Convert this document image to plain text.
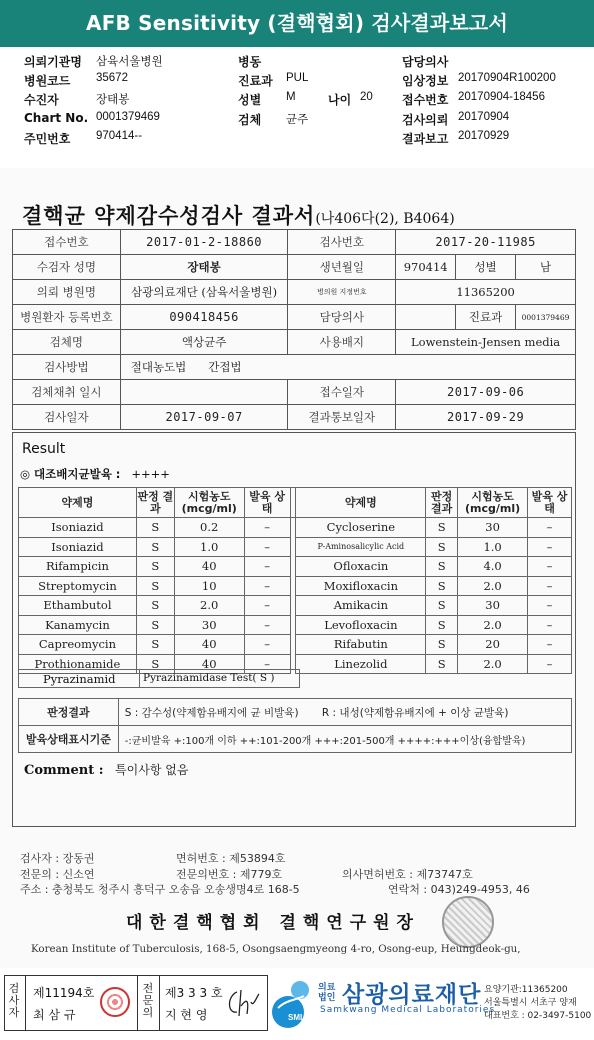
AFB Sensitivity (결핵협회) 검사결과보고서
의뢰기관명 삼육서울병원	병동	담당의사
병원코드 35672	진료과 PUL	임상정보 20170904R100200
수진자	장태봉	성별 M	나이 20 접수번호 20170904-18456
Chart No. 0001379469	검체 균주	검사의뢰 20170904
주민번호 970414--	결과보고 20170929
결핵균 약제감수성검사 결과서(나406다(2), B4064)
접수번호	2017-01-2-18860	검사번호	2017-20-11985		
수검자 성명	장태봉	생년월일	970414	성별	남
의뢰 병원명	삼광의료재단 (삼육서울병원)	병의원 지정번호	11365200		
병원환자 등록번호	090418456	담당의사		진료과	0001379469
검체명	액상균주	사용배지	Lowenstein-Jensen media		
검사방법	절대농도법 간접법				
검체채취 일시		접수일자	2017-09-06		
검사일자	2017-09-07	결과통보일자	2017-09-29		
Result
◎ 대조배지균발육 : ++++
약제명	판정 결과	시험농도 (mcg/ml)	발육 상태		약제명	판정 결과	시험농도 (mcg/ml)	발육 상태
Isoniazid	S	0.2	–		Cycloserine	S	30	–
Isoniazid	S	1.0	–		P-Aminosalicylic Acid	S	1.0	–
Rifampicin	S	40	–		Ofloxacin	S	4.0	–
Streptomycin	S	10	–		Moxifloxacin	S	2.0	–
Ethambutol	S	2.0	–		Amikacin	S	30	–
Kanamycin	S	30	–		Levofloxacin	S	2.0	–
Capreomycin	S	40	–		Rifabutin	S	20	–
Prothionamide	S	40	–		Linezolid	S	2.0	–
Pyrazinamid	Pyrazinamidase Test( S )
판정결과	S : 감수성(약제함유배지에 균 비발육) R : 내성(약제함유배지에 + 이상 균발육)
발육상태표시기준	-:균비발육 +:100개 이하 ++:101-200개 +++:201-500개 ++++:+++이상(융합발육)
Comment : 특이사항 없음
검사자 : 장동권	면허번호 : 제53894호
전문의 : 신소연	전문의번호 : 제779호	의사면허번호 : 제73747호
주소 : 충청북도 청주시 흥덕구 오송읍 오송생명4로 168-5	연락처 : 043)249-4953, 46
대한결핵협회 결핵연구원장
Korean Institute of Tuberculosis, 168-5, Osongsaengmyeong 4-ro, Osong-eup, Heungdeok-gu,
검사자
제11194호
최 삼 규
전문의
제3 3 3 호
지 현 영	SML
의료 법인 삼광의료재단
Samkwang Medical Laboratories
요양기관:11365200
서울특별시 서초구 양재
대표번호 : 02-3497-5100
